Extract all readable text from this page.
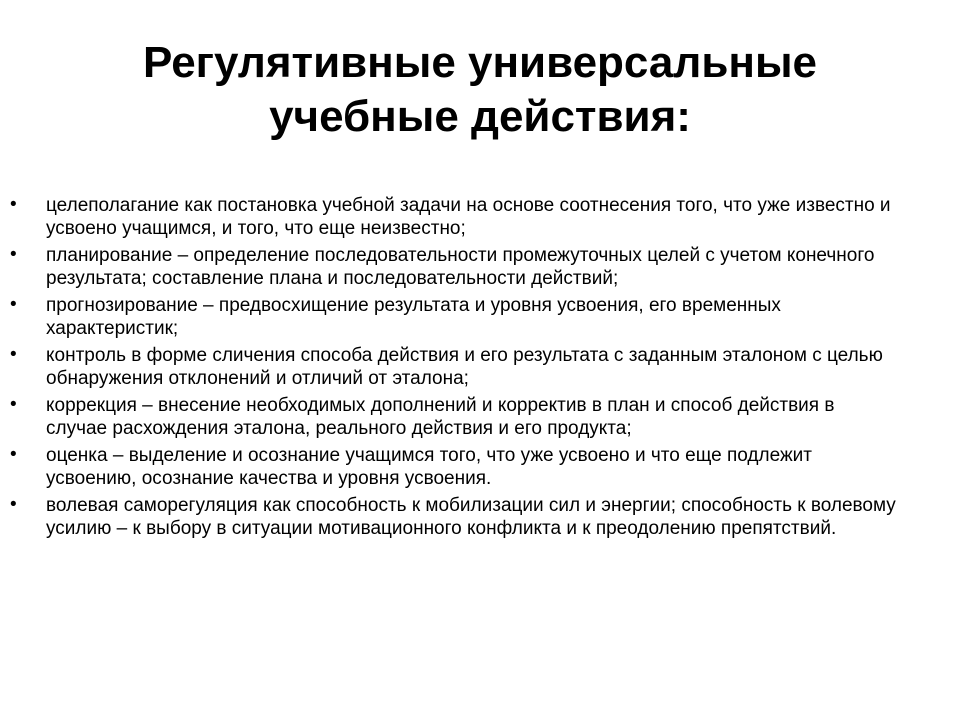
Регулятивные универсальные
учебные действия:
•	целеполагание как постановка учебной задачи на основе соотнесения того, что уже известно и усвоено учащимся, и того, что еще неизвестно;
•	планирование – определение последовательности промежуточных целей с учетом конечного результата; составление плана и последовательности действий;
•	прогнозирование – предвосхищение результата и уровня усвоения, его временных характеристик;
•	контроль в форме сличения способа действия и его результата с заданным эталоном с целью обнаружения отклонений и отличий от эталона;
•	коррекция – внесение необходимых дополнений и корректив в план и способ действия в случае расхождения эталона, реального действия и его продукта;
•	оценка – выделение и осознание учащимся того, что уже усвоено и что еще подлежит усвоению, осознание качества и уровня усвоения.
•	волевая саморегуляция как способность к мобилизации сил и энергии; способность к волевому усилию – к выбору в ситуации мотивационного конфликта и к преодолению препятствий.
